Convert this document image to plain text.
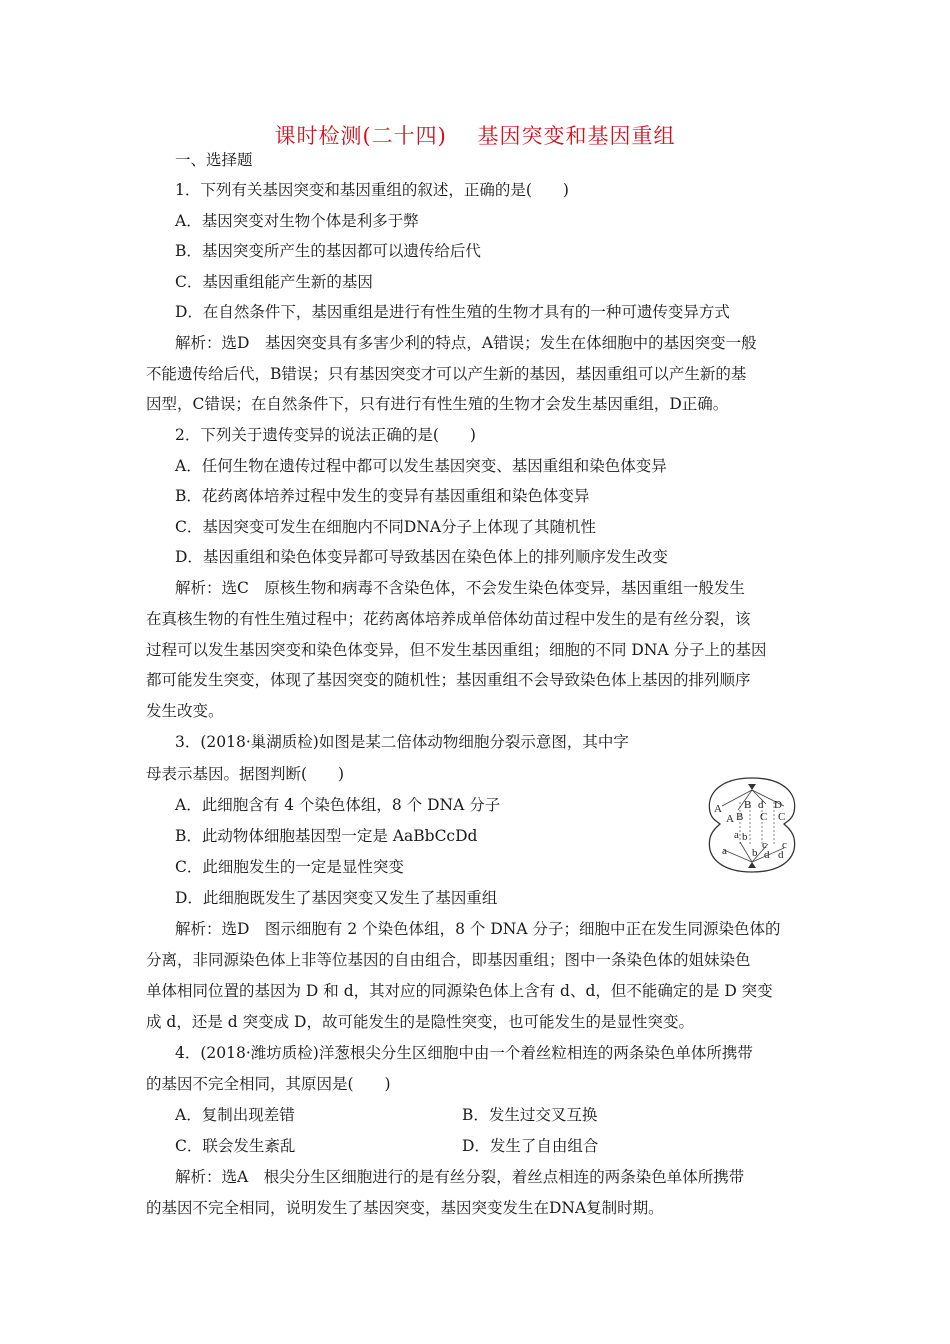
课时检测(二十四)    基因突变和基因重组
一、选择题
1．下列有关基因突变和基因重组的叙述，正确的是(　　)
A．基因突变对生物个体是利多于弊
B．基因突变所产生的基因都可以遗传给后代
C．基因重组能产生新的基因
D．在自然条件下，基因重组是进行有性生殖的生物才具有的一种可遗传变异方式
解析：选D　基因突变具有多害少利的特点，A错误；发生在体细胞中的基因突变一般
不能遗传给后代，B错误；只有基因突变才可以产生新的基因，基因重组可以产生新的基
因型，C错误；在自然条件下，只有进行有性生殖的生物才会发生基因重组，D正确。
2．下列关于遗传变异的说法正确的是(　　)
A．任何生物在遗传过程中都可以发生基因突变、基因重组和染色体变异
B．花药离体培养过程中发生的变异有基因重组和染色体变异
C．基因突变可发生在细胞内不同DNA分子上体现了其随机性
D．基因重组和染色体变异都可导致基因在染色体上的排列顺序发生改变
解析：选C　原核生物和病毒不含染色体，不会发生染色体变异，基因重组一般发生
在真核生物的有性生殖过程中；花药离体培养成单倍体幼苗过程中发生的是有丝分裂，该
过程可以发生基因突变和染色体变异，但不发生基因重组；细胞的不同 DNA 分子上的基因
都可能发生突变，体现了基因突变的随机性；基因重组不会导致染色体上基因的排列顺序
发生改变。
3．(2018·巢湖质检)如图是某二倍体动物细胞分裂示意图，其中字
母表示基因。据图判断(　　)
A．此细胞含有 4 个染色体组，8 个 DNA 分子
B．此动物体细胞基因型一定是 AaBbCcDd
C．此细胞发生的一定是显性突变
D．此细胞既发生了基因突变又发生了基因重组
A B d D
A B C C
a b
a b
c c
d d
解析：选D　图示细胞有 2 个染色体组，8 个 DNA 分子；细胞中正在发生同源染色体的
分离，非同源染色体上非等位基因的自由组合，即基因重组；图中一条染色体的姐妹染色
单体相同位置的基因为 D 和 d，其对应的同源染色体上含有 d、d，但不能确定的是 D 突变
成 d，还是 d 突变成 D，故可能发生的是隐性突变，也可能发生的是显性突变。
4．(2018·潍坊质检)洋葱根尖分生区细胞中由一个着丝粒相连的两条染色单体所携带
的基因不完全相同，其原因是(　　)
A．复制出现差错	B．发生过交叉互换
C．联会发生紊乱	D．发生了自由组合
解析：选A　根尖分生区细胞进行的是有丝分裂，着丝点相连的两条染色单体所携带
的基因不完全相同，说明发生了基因突变，基因突变发生在DNA复制时期。
